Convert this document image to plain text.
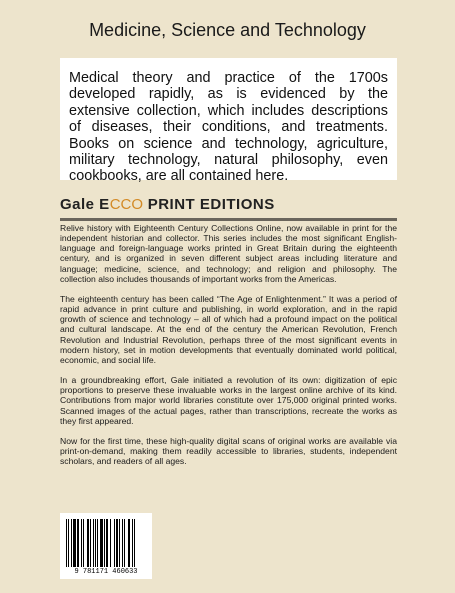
Medicine, Science and Technology
Medical theory and practice of the 1700s developed rapidly, as is evidenced by the extensive collection, which includes descriptions of diseases, their conditions, and treatments. Books on science and technology, agriculture, military technology, natural philosophy, even cookbooks, are all contained here.
Gale ECCO PRINT EDITIONS

Relive history with Eighteenth Century Collections Online, now available in print for the independent historian and collector. This series includes the most significant English-language and foreign-language works printed in Great Britain during the eighteenth century, and is organized in seven different subject areas including literature and language; medicine, science, and technology; and religion and philosophy. The collection also includes thousands of important works from the Americas.

The eighteenth century has been called “The Age of Enlightenment.” It was a period of rapid advance in print culture and publishing, in world exploration, and in the rapid growth of science and technology – all of which had a profound impact on the political and cultural landscape. At the end of the century the American Revolution, French Revolution and Industrial Revolution, perhaps three of the most significant events in modern history, set in motion developments that eventually dominated world political, economic, and social life.

In a groundbreaking effort, Gale initiated a revolution of its own: digitization of epic proportions to preserve these invaluable works in the largest online archive of its kind. Contributions from major world libraries constitute over 175,000 original printed works. Scanned images of the actual pages, rather than transcriptions, recreate the works as they first appeared.

Now for the first time, these high-quality digital scans of original works are available via print-on-demand, making them readily accessible to libraries, students, independent scholars, and readers of all ages.

9 781171 460633
